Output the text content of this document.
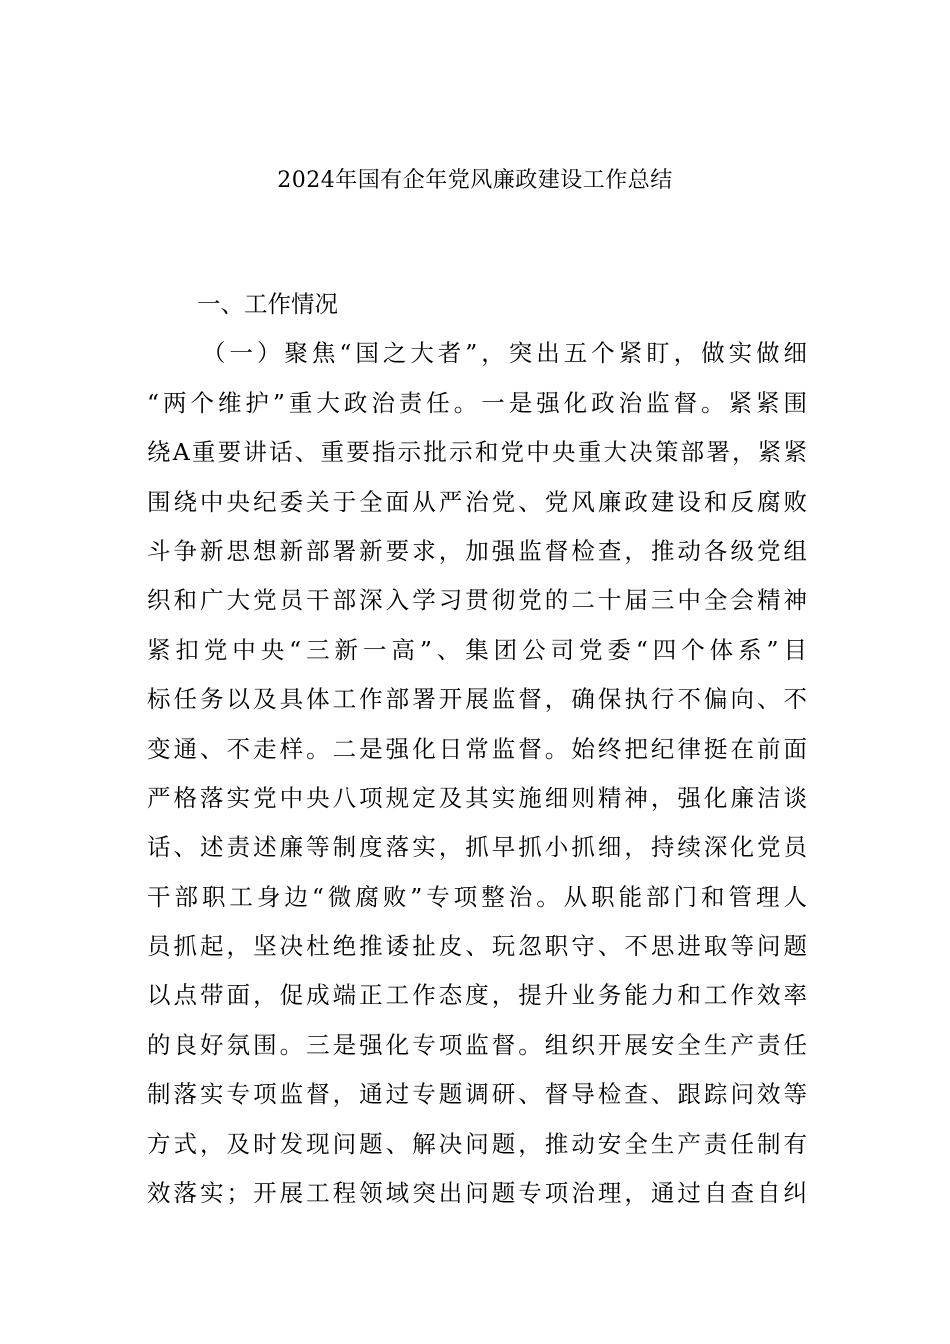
2024年国有企年党风廉政建设工作总结
一、工作情况
（一）聚焦“国之大者”，突出五个紧盯，做实做细
“两个维护”重大政治责任。一是强化政治监督。紧紧围
绕A重要讲话、重要指示批示和党中央重大决策部署，紧紧
围绕中央纪委关于全面从严治党、党风廉政建设和反腐败
斗争新思想新部署新要求，加强监督检查，推动各级党组
织和广大党员干部深入学习贯彻党的二十届三中全会精神
紧扣党中央“三新一高”、集团公司党委“四个体系”目
标任务以及具体工作部署开展监督，确保执行不偏向、不
变通、不走样。二是强化日常监督。始终把纪律挺在前面
严格落实党中央八项规定及其实施细则精神，强化廉洁谈
话、述责述廉等制度落实，抓早抓小抓细，持续深化党员
干部职工身边“微腐败”专项整治。从职能部门和管理人
员抓起，坚决杜绝推诿扯皮、玩忽职守、不思进取等问题
以点带面，促成端正工作态度，提升业务能力和工作效率
的良好氛围。三是强化专项监督。组织开展安全生产责任
制落实专项监督，通过专题调研、督导检查、跟踪问效等
方式，及时发现问题、解决问题，推动安全生产责任制有
效落实；开展工程领域突出问题专项治理，通过自查自纠
